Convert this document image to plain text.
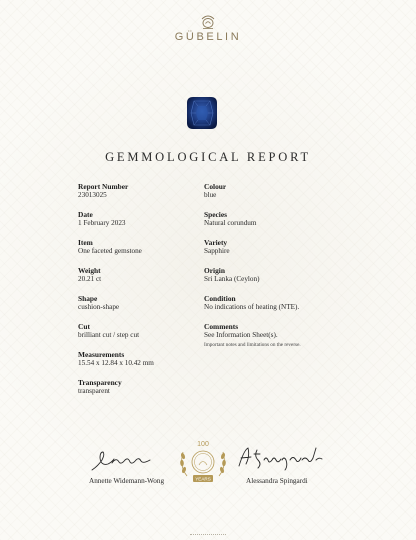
GÜBELIN
GEMMOLOGICAL REPORT
Report Number
23013025
Date
1 February 2023
Item
One faceted gemstone
Weight
20.21 ct
Shape
cushion-shape
Cut
brilliant cut / step cut
Measurements
15.54 x 12.84 x 10.42 mm
Transparency
transparent
Colour
blue
Species
Natural corundum
Variety
Sapphire
Origin
Sri Lanka (Ceylon)
Condition
No indications of heating (NTE).
Comments
See Information Sheet(s).
Important notes and limitations on the reverse.
Annette Widemann-Wong
100
YEARS	Alessandra Spingardi
